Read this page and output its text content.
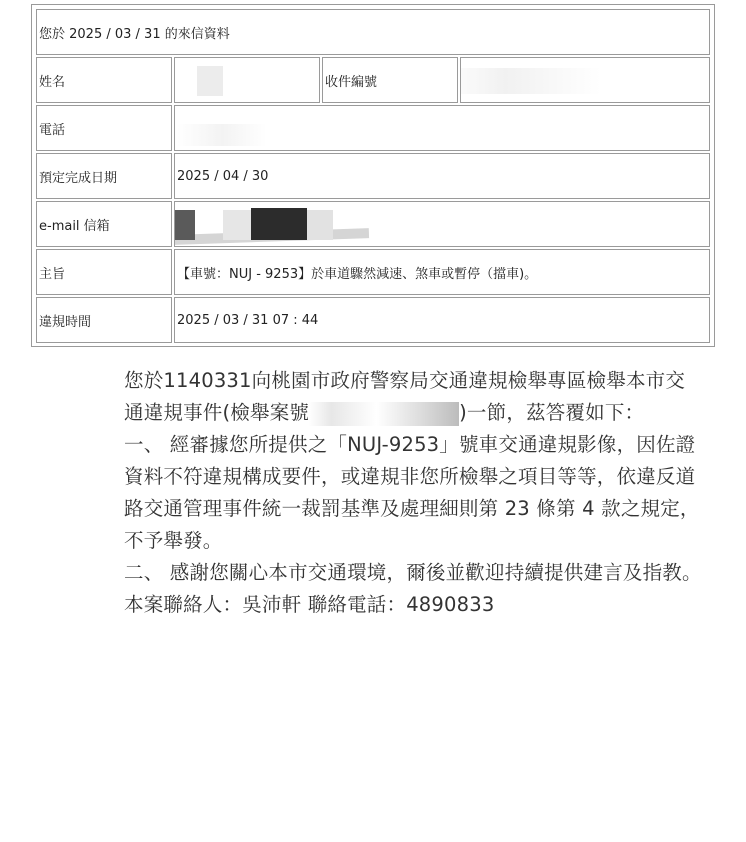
您於 2025 / 03 / 31 的來信資料			
姓名		收件編號	

電話			

預定完成日期	2025 / 04 / 30		
e-mail 信箱			

主旨	【車號：NUJ - 9253】於車道驟然減速、煞車或暫停（擋車)。		
違規時間	2025 / 03 / 31 07 : 44		

您於1140331向桃園市政府警察局交通違規檢舉專區檢舉本市交通違規事件(檢舉案號	)一節，茲答覆如下：

一、 經審據您所提供之「NUJ-9253」號車交通違規影像，因佐證資料不符違規構成要件，或違規非您所檢舉之項目等等，依違反道路交通管理事件統一裁罰基準及處理細則第 23 條第 4 款之規定，不予舉發。

二、 感謝您關心本市交通環境，爾後並歡迎持續提供建言及指教。

本案聯絡人：吳沛軒 聯絡電話：4890833
